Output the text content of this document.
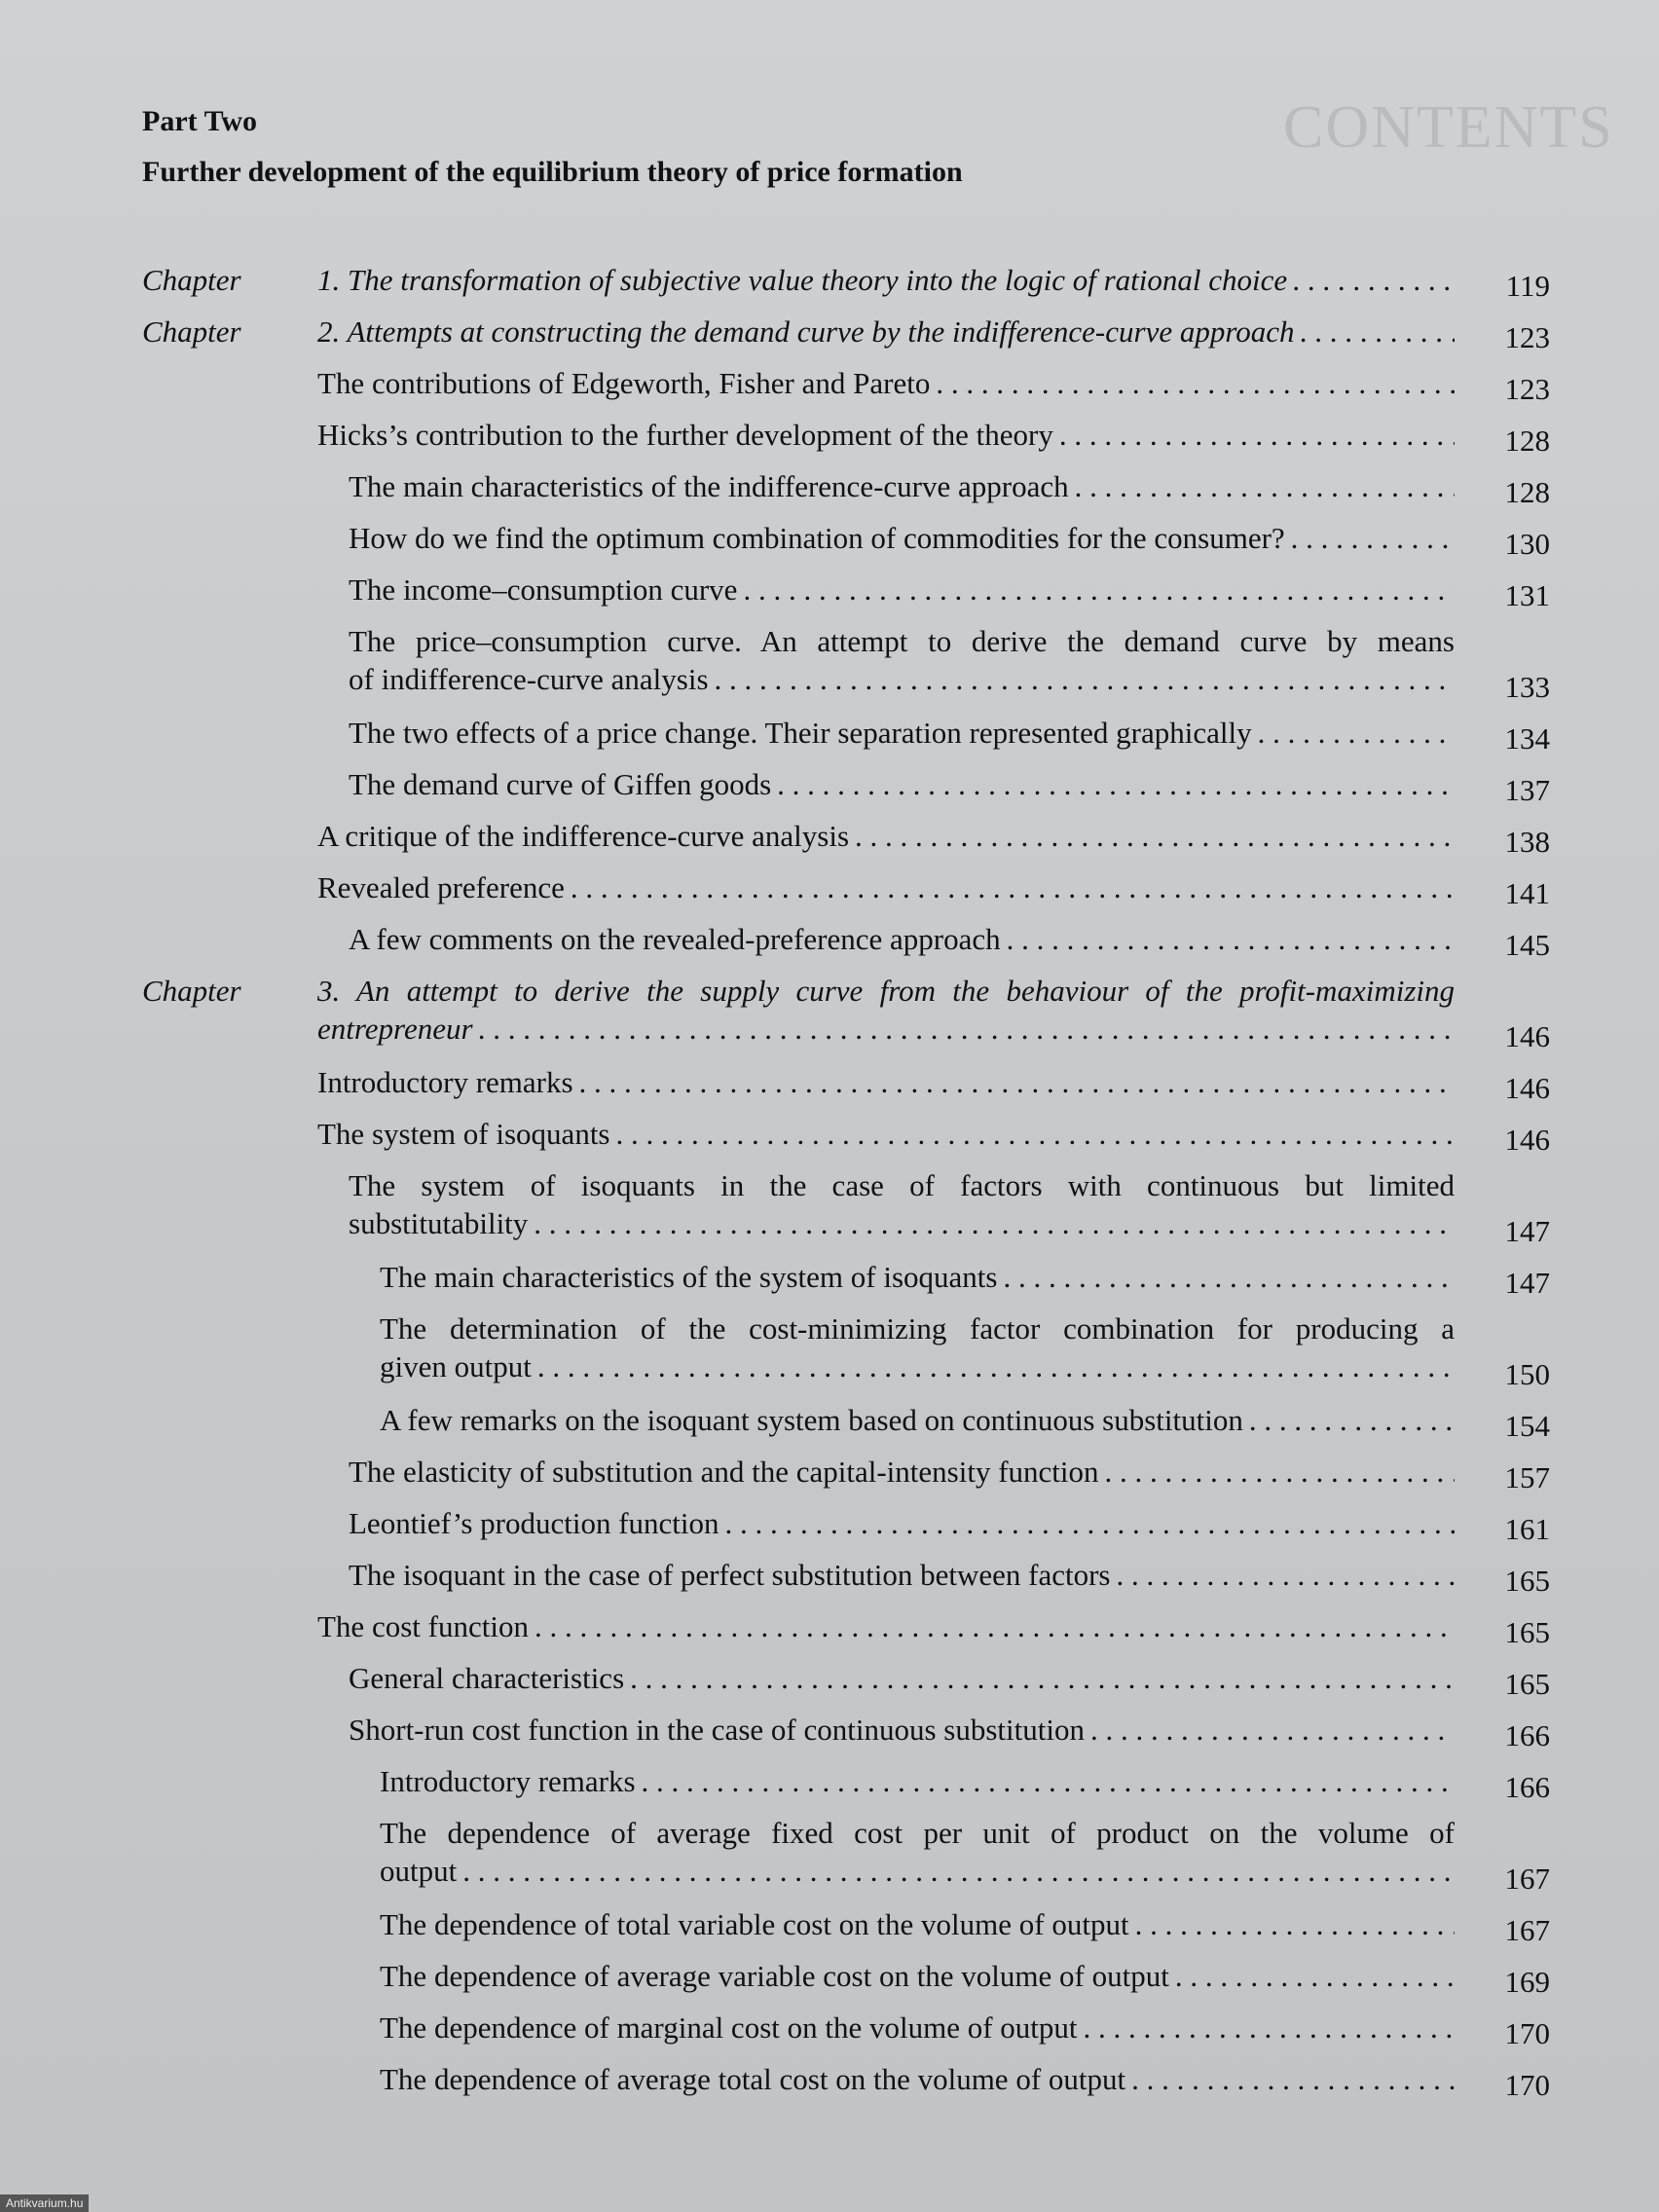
CONTENTS
Part Two
Further development of the equilibrium theory of price formation
Chapter	1. The transformation of subjective value theory into the logic of rational choice . . .	119
Chapter	2. Attempts at constructing the demand curve by the indifference-curve approach . . .	123
The contributions of Edgeworth, Fisher and Pareto . . .	123
Hicks’s contribution to the further development of the theory . . .	128
The main characteristics of the indifference-curve approach . . .	128
How do we find the optimum combination of commodities for the consumer? . . .	130
The income–consumption curve . . .	131
The price–consumption curve. An attempt to derive the demand curve by means
of indifference-curve analysis . . .	133
The two effects of a price change. Their separation represented graphically . . .	134
The demand curve of Giffen goods . . .	137
A critique of the indifference-curve analysis . . .	138
Revealed preference . . .	141
A few comments on the revealed-preference approach . . .	145
Chapter	3. An attempt to derive the supply curve from the behaviour of the profit-maximizing
entrepreneur . . .	146
Introductory remarks . . .	146
The system of isoquants . . .	146
The system of isoquants in the case of factors with continuous but limited
substitutability . . .	147
The main characteristics of the system of isoquants . . .	147
The determination of the cost-minimizing factor combination for producing a
given output . . .	150
A few remarks on the isoquant system based on continuous substitution . . .	154
The elasticity of substitution and the capital-intensity function . . .	157
Leontief’s production function . . .	161
The isoquant in the case of perfect substitution between factors . . .	165
The cost function . . .	165
General characteristics . . .	165
Short-run cost function in the case of continuous substitution . . .	166
Introductory remarks . . .	166
The dependence of average fixed cost per unit of product on the volume of
output . . .	167
The dependence of total variable cost on the volume of output . . .	167
The dependence of average variable cost on the volume of output . . .	169
The dependence of marginal cost on the volume of output . . .	170
The dependence of average total cost on the volume of output . . .	170
Antikvarium.hu
